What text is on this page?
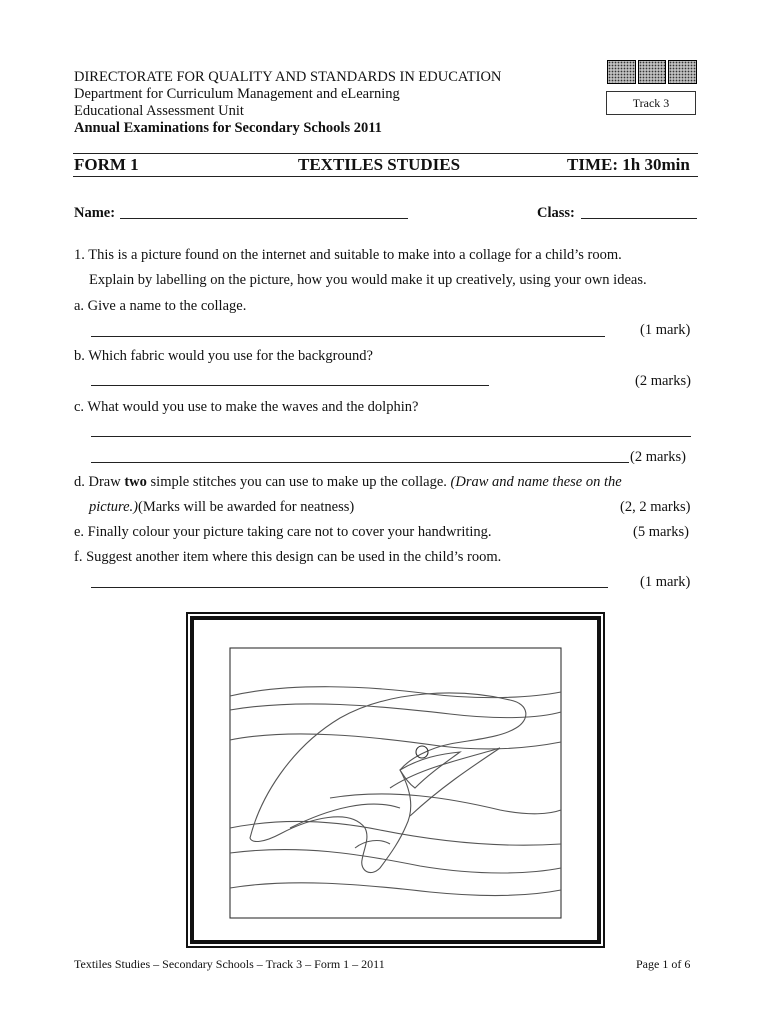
DIRECTORATE FOR QUALITY AND STANDARDS IN EDUCATION
Department for Curriculum Management and eLearning
Educational Assessment Unit
Annual Examinations for Secondary Schools 2011
Track 3
FORM 1	TEXTILES STUDIES	TIME: 1h 30min
Name:	Class:
1. This is a picture found on the internet and suitable to make into a collage for a child’s room.
Explain by labelling on the picture, how you would make it up creatively, using your own ideas.
a. Give a name to the collage.
(1 mark)
b. Which fabric would you use for the background?
(2 marks)
c. What would you use to make the waves and the dolphin?
(2 marks)
d. Draw two simple stitches you can use to make up the collage. (Draw and name these on the
picture.)(Marks will be awarded for neatness)	(2, 2 marks)
e. Finally colour your picture taking care not to cover your handwriting.	(5 marks)
f. Suggest another item where this design can be used in the child’s room.
(1 mark)
Textiles Studies – Secondary Schools – Track 3 – Form 1 – 2011	Page 1 of 6
